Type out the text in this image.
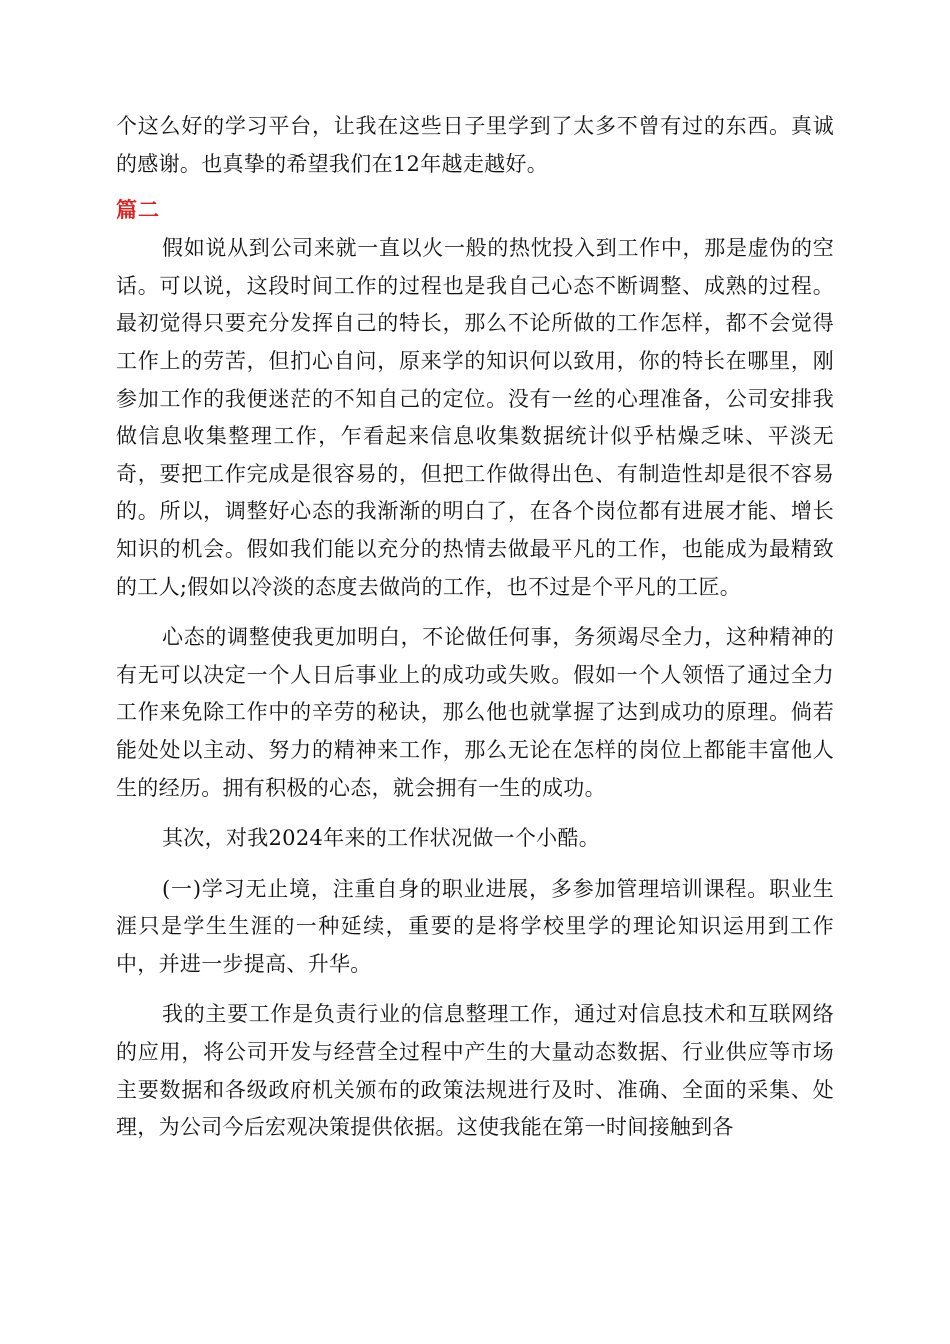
个这么好的学习平台，让我在这些日子里学到了太多不曾有过的东西。真诚的感谢。也真挚的希望我们在12年越走越好。

篇二

假如说从到公司来就一直以火一般的热忱投入到工作中，那是虚伪的空话。可以说，这段时间工作的过程也是我自己心态不断调整、成熟的过程。最初觉得只要充分发挥自己的特长，那么不论所做的工作怎样，都不会觉得工作上的劳苦，但扪心自问，原来学的知识何以致用，你的特长在哪里，刚参加工作的我便迷茫的不知自己的定位。没有一丝的心理准备，公司安排我做信息收集整理工作，乍看起来信息收集数据统计似乎枯燥乏味、平淡无奇，要把工作完成是很容易的，但把工作做得出色、有制造性却是很不容易的。所以，调整好心态的我渐渐的明白了，在各个岗位都有进展才能、增长知识的机会。假如我们能以充分的热情去做最平凡的工作，也能成为最精致的工人;假如以冷淡的态度去做尚的工作，也不过是个平凡的工匠。

心态的调整使我更加明白，不论做任何事，务须竭尽全力，这种精神的有无可以决定一个人日后事业上的成功或失败。假如一个人领悟了通过全力工作来免除工作中的辛劳的秘诀，那么他也就掌握了达到成功的原理。倘若能处处以主动、努力的精神来工作，那么无论在怎样的岗位上都能丰富他人生的经历。拥有积极的心态，就会拥有一生的成功。

其次，对我2024年来的工作状况做一个小酷。

(一)学习无止境，注重自身的职业进展，多参加管理培训课程。职业生涯只是学生生涯的一种延续，重要的是将学校里学的理论知识运用到工作中，并进一步提高、升华。

我的主要工作是负责行业的信息整理工作，通过对信息技术和互联网络的应用，将公司开发与经营全过程中产生的大量动态数据、行业供应等市场主要数据和各级政府机关颁布的政策法规进行及时、准确、全面的采集、处理，为公司今后宏观决策提供依据。这使我能在第一时间接触到各
